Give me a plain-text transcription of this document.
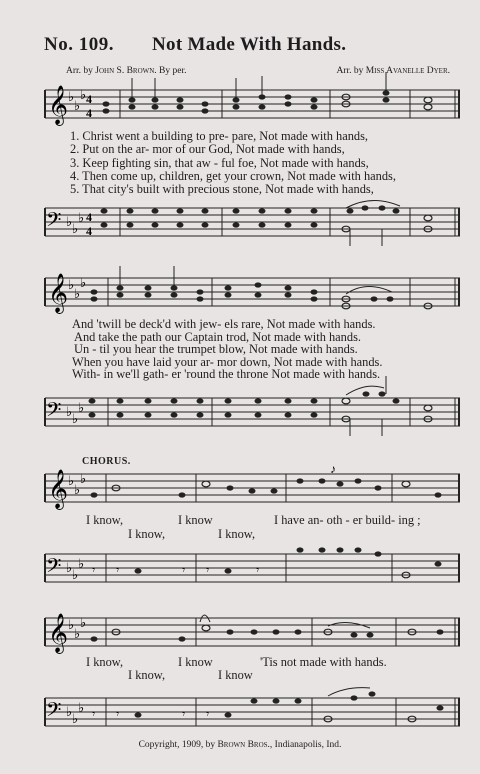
No. 109. Not Made With Hands.
Arr. by John S. Brown. By per.	Arr. by Miss Avanelle Dyer.
𝄞 ♭
♭
♭ 4
4
1. Christ went a building to pre- pare, Not made with hands,
2. Put on the ar- mor of our God, Not made with hands,
3. Keep fighting sin, that aw - ful foe, Not made with hands,
4. Then come up, children, get your crown, Not made with hands,
5. That city's built with precious stone, Not made with hands,
𝄢 ♭ ♭
♭ 4
4
𝄞 ♭
♭
♭
And 'twill be deck'd with jew- els rare, Not made with hands.
And take the path our Captain trod, Not made with hands.
Un - til you hear the trumpet blow, Not made with hands.
When you have laid your ar- mor down, Not made with hands.
With- in we'll gath- er 'round the throne Not made with hands.
𝄢 ♭ ♭
♭
CHORUS.
𝄞 ♭
♭
♭
♪
I know,	I know	I have an- oth - er build- ing ;
I know,	I know,
𝄢 ♭ ♭
♭ 𝄾 𝄾	𝄾 𝄾	𝄾
𝄞 ♭
♭
♭
I know,	I know	'Tis not made with hands.
I know,	I know
𝄢 ♭ ♭
♭ 𝄾 𝄾	𝄾 𝄾
Copyright, 1909, by Brown Bros., Indianapolis, Ind.
